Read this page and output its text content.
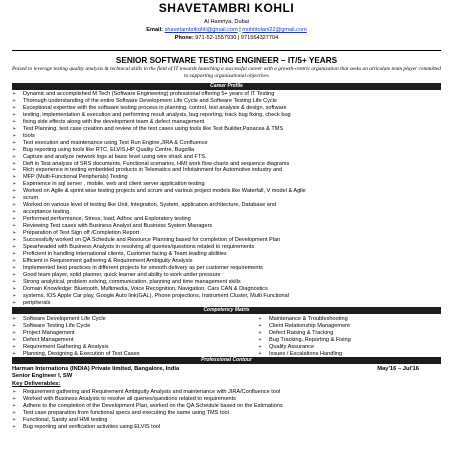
SHAVETAMBRI KOHLI
Al Hamriya, Dubai
Email: shavetambrikohli@gmail.com | mohittolani22@gmail.com
Phone: 971-52-1557930 | 971564327704
SENIOR SOFTWARE TESTING ENGINEER – IT/5+ YEARS
Poised to leverage testing quality analysis & technical skills in the field of IT towards launching a successful career with a growth-centric organization that seeks an articulate team player committed to supporting organizational objectives
Career Profile
➢ Dynamic and accomplished M Tech (Software Engineering) professional offering 5+ years of IT Testing
➢ Thorough understanding of the entire Software Development Life Cycle and Software Testing Life Cycle
➢ Exceptional expertise with the software testing process in planning, control, test analysis & design, software
➢ testing, implementation & execution and performing result analysis, bug reporting, track bug fixing, check bug
➢ fixing side effects along with the development team & defect management
➢ Test Planning, test case creation and review of the test cases using tools like Test Builder,Panacea & TMS
➢ tools
➢ Test execution and maintenance using Test Run Engine,JIRA & Confluence
➢ Bug reporting using tools like RTC, ELVIS,HP Quality Centre, Bugzilla
➢ Capture and analyze network logs at basic level using wire shark and FTS.
➢ Deft in Test analysis of SRS documents, Functional scenarios, HMI work flow charts and sequence diagrams
➢ Rich experience in testing embedded products in Telematics and Infotainment for Automotive industry and
➢ MFP (Multi-Functional Peripherals) Testing
➢ Experience in sql server , mobile, web and client server application testing
➢ Worked on Agile & sprint wise testing projects and scrum and various project models like Waterfall, V model & Agile
➢ scrum
➢ Worked on various level of testing like Unit, Integration, System, application architecture, Database and
➢ acceptance testing
➢ Performed performance, Stress, load, Adhoc and Exploratory testing
➢ Reviewing Test cases with Business Analyst and Business System Managers
➢ Preparation of Test Sign off /Completion Report
➢ Successfully worked on QA Schedule and Resource Planning based for completion of Development Plan
➢ Spearheaded with Business Analysts in resolving all queries/questions related to requirements
➢ Proficient in handling international clients, Customer facing & Team leading abilities
➢ Efficient in Requirement gathering & Requirement Ambiguity Analysis
➢ Implemented best practices in different projects for smooth delivery as per customer requirements
➢ Good team player, solid planner, quick learner and ability to work under pressure
➢ Strong analytical, problem solving, communication, planning and time management skills
➢ Domain Knowledge: Bluetooth, Multimedia, Voice Recognition, Navigation, Cars CAN & Diagnostics
➢ systems, IOS Apple Car play, Google Auto link(GAL), Phone projections, Instrument Cluster, Multi Functional
➢ peripherals
Competency Matrix
➢ Software Development Life Cycle
➢ Software Testing Life Cycle
➢ Project Management
➢ Defect Management
➢ Requirement Gathering & Analysis
➢ Planning, Designing & Execution of Test Cases
➢ Maintenance & Troubleshooting
➢ Client Relationship Management
➢ Defect Raising & Tracking
➢ Bug Tracking, Reporting & Fixing
➢ Quality Assurance
➢ Issues / Escalations Handling
Professional Contour
Harman Internations (INDIA) Private limited, Bangalore, India
Senior Engineer I, SW
May'16 – Jul'16
Key Deliverables:
➢ Requirement gathering and Requirement Ambiguity Analysis and maintenance with JIRA/Confluence tool
➢ Worked with Business Analysts to resolve all queries/questions related to requirements
➢ Adhere to the completion of the Development Plan, worked on the QA Schedule based on the Estimations
➢ Test case preparation from functional specs and executing the same using TMS tool
➢ Functional, Sanity and HMI testing
➢ Bug reporting and verification activities using ELVIS tool
